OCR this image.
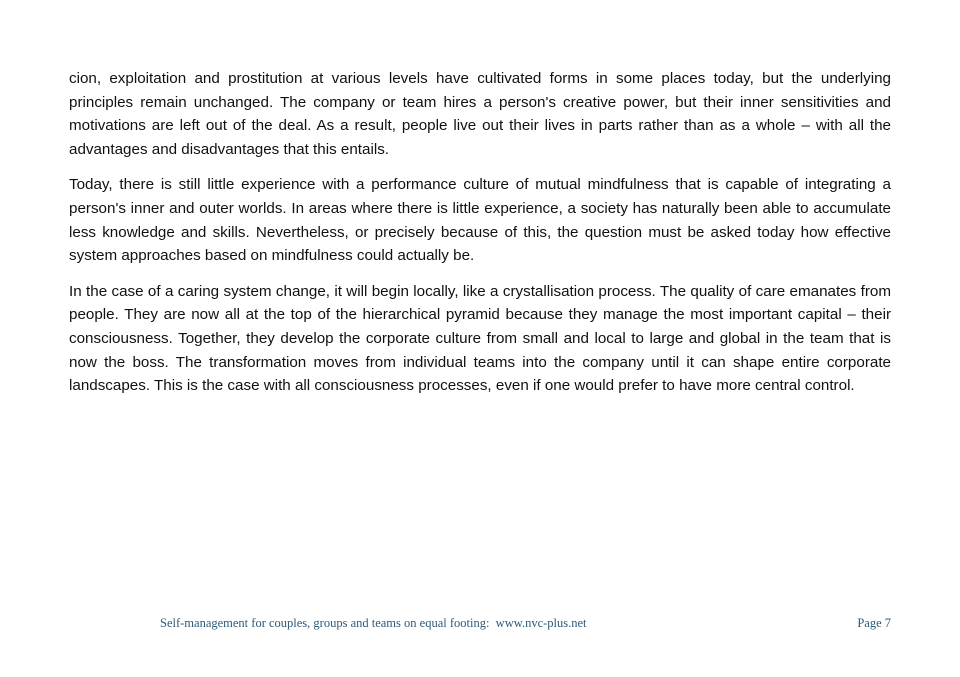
cion, exploitation and prostitution at various levels have cultivated forms in some places today, but the underlying principles remain unchanged. The company or team hires a person's creative power, but their inner sensitivities and motivations are left out of the deal. As a result, people live out their lives in parts rather than as a whole – with all the advantages and disadvantages that this entails.

Today, there is still little experience with a performance culture of mutual mindfulness that is capable of integrating a person's inner and outer worlds. In areas where there is little experience, a society has naturally been able to accumulate less knowledge and skills. Nevertheless, or precisely because of this, the question must be asked today how effective system approaches based on mindfulness could actually be.

In the case of a caring system change, it will begin locally, like a crystallisation process. The quality of care emanates from people. They are now all at the top of the hierarchical pyramid because they manage the most important capital – their consciousness. Together, they develop the corporate culture from small and local to large and global in the team that is now the boss. The transformation moves from individual teams into the company until it can shape entire corporate landscapes. This is the case with all consciousness processes, even if one would prefer to have more central control.

Self-management for couples, groups and teams on equal footing:  www.nvc-plus.net	Page 7
